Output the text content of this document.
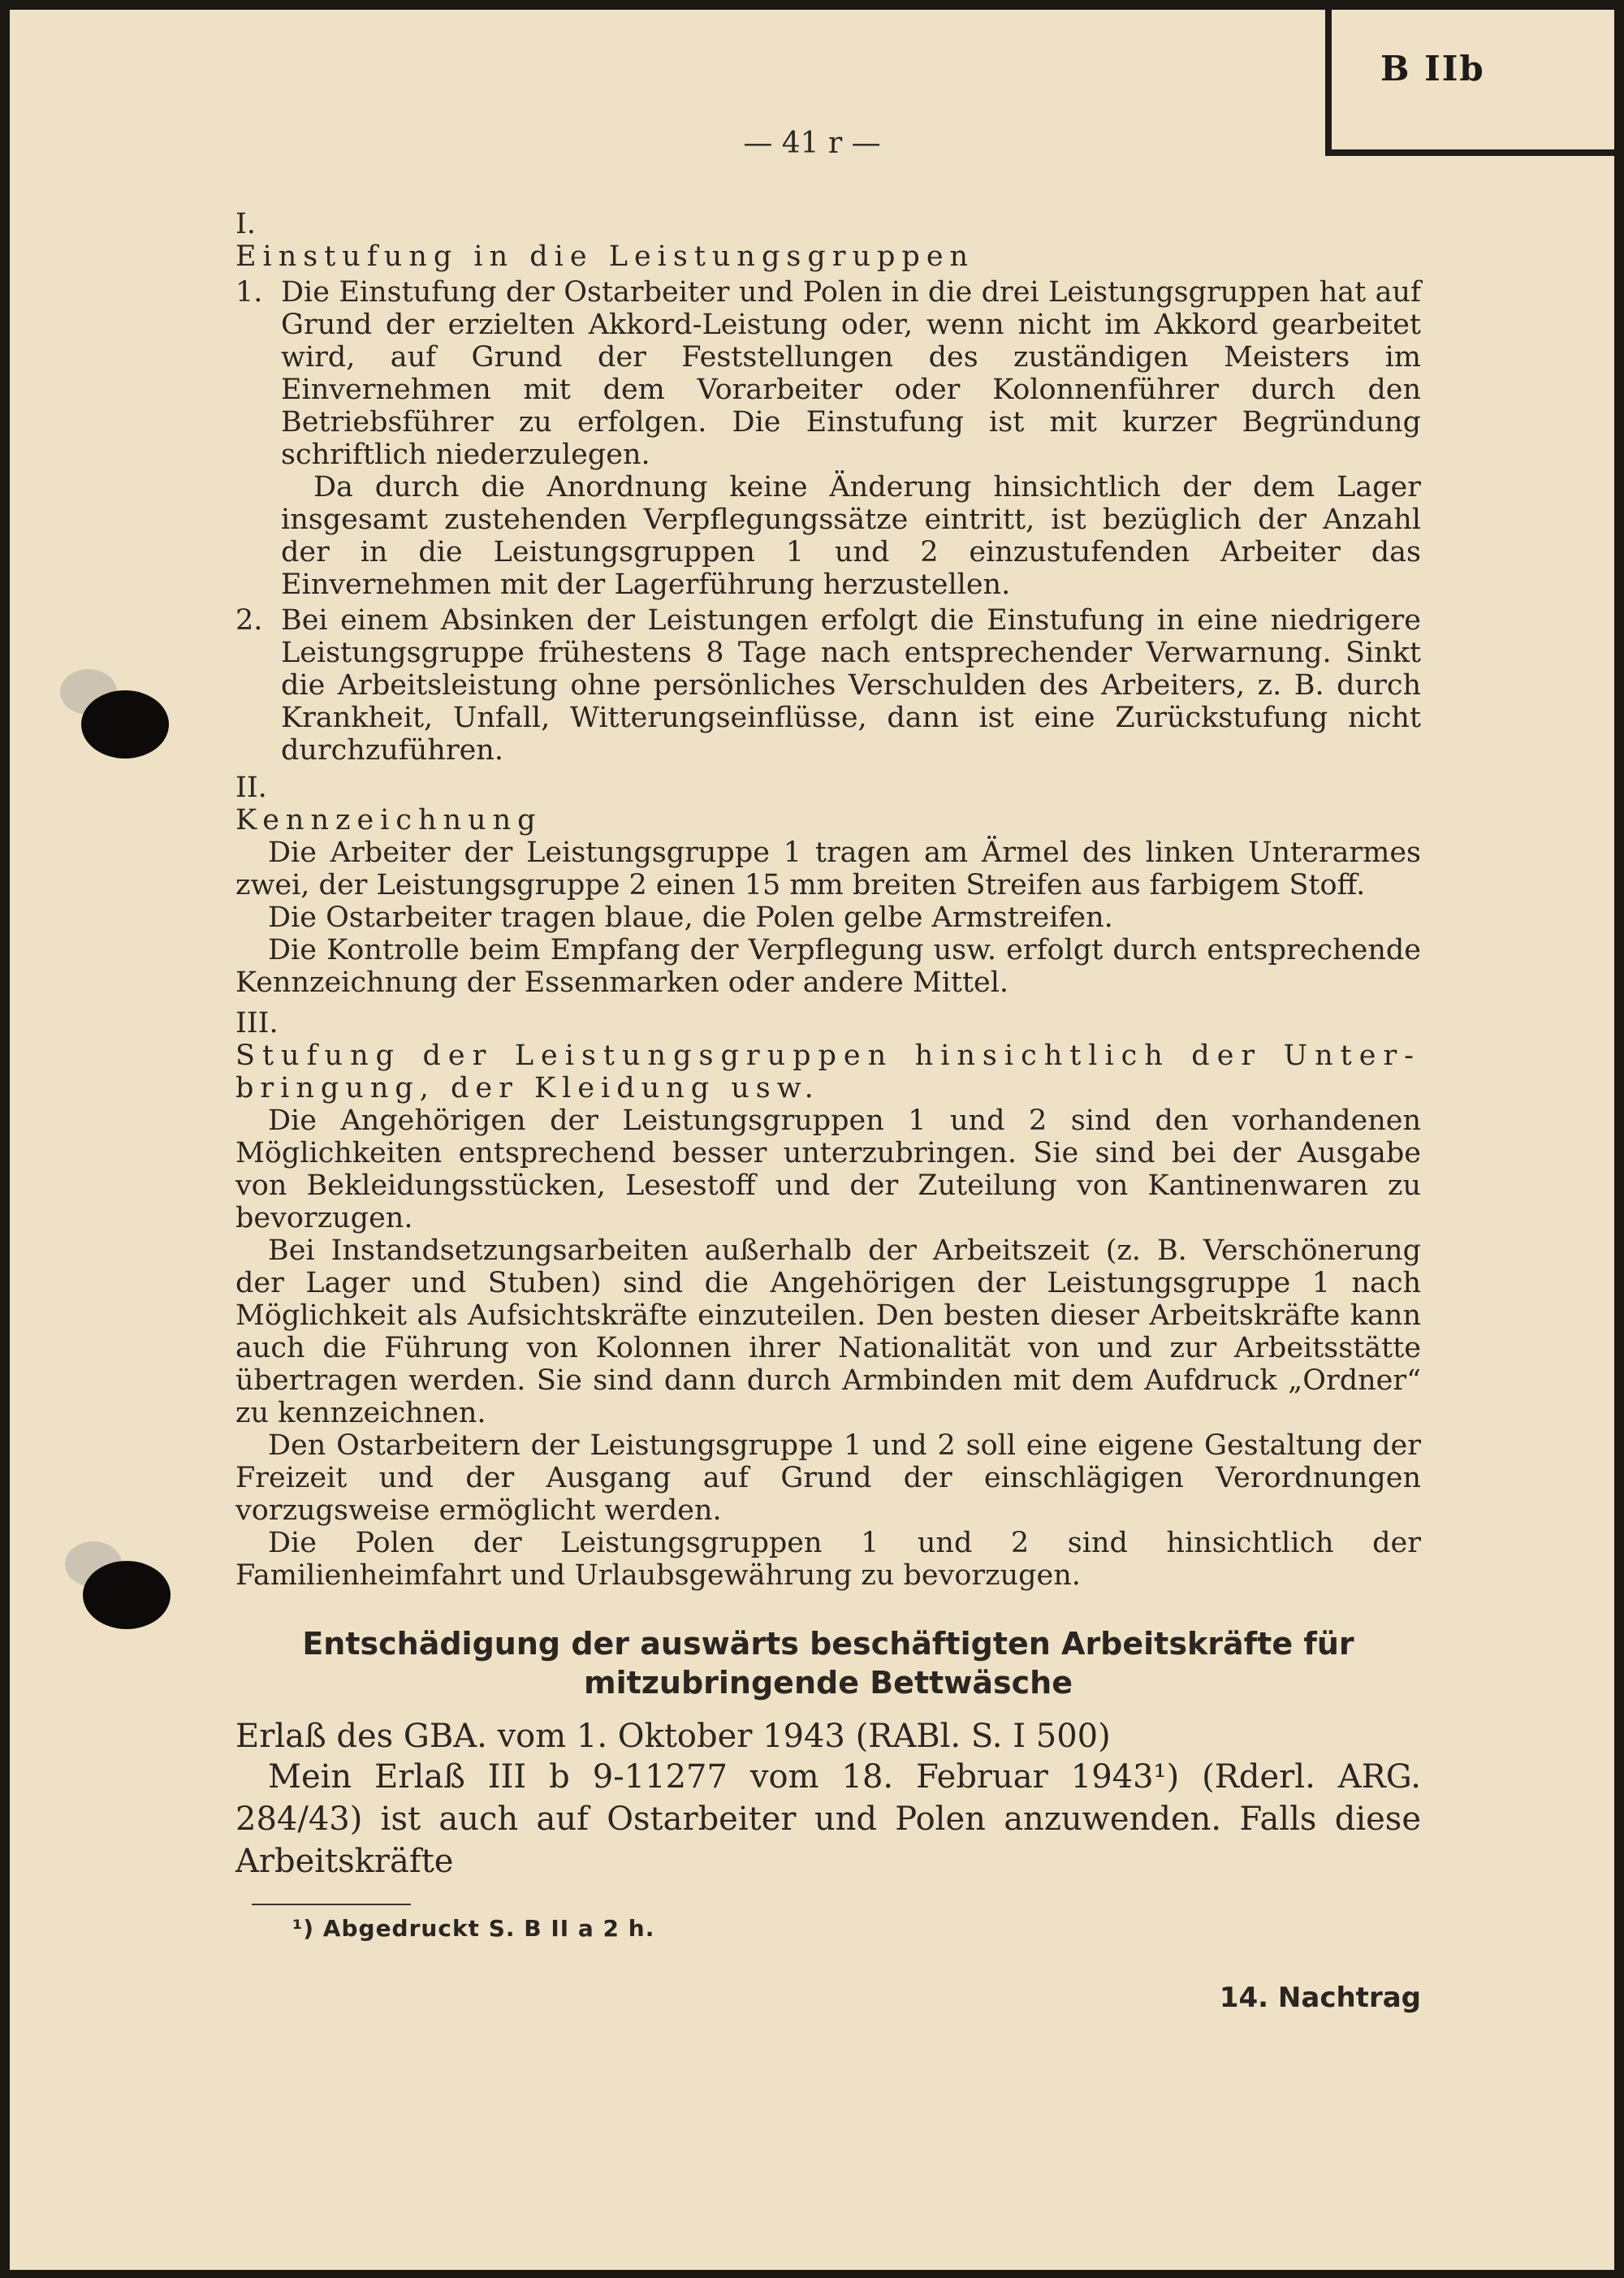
B IIb
— 41 r —

I.

Einstufung in die Leistungsgruppen

1. Die Einstufung der Ostarbeiter und Polen in die drei Leistungsgruppen hat auf Grund der erzielten Akkord-Leistung oder, wenn nicht im Akkord gearbeitet wird, auf Grund der Feststellungen des zuständigen Meisters im Einvernehmen mit dem Vorarbeiter oder Kolonnenführer durch den Betriebsführer zu erfolgen. Die Einstufung ist mit kurzer Begründung schriftlich niederzulegen.

Da durch die Anordnung keine Änderung hinsichtlich der dem Lager insgesamt zustehenden Verpflegungssätze eintritt, ist bezüglich der Anzahl der in die Leistungsgruppen 1 und 2 einzustufenden Arbeiter das Einvernehmen mit der Lagerführung herzustellen.

2. Bei einem Absinken der Leistungen erfolgt die Einstufung in eine niedrigere Leistungsgruppe frühestens 8 Tage nach entsprechender Verwarnung. Sinkt die Arbeitsleistung ohne persönliches Verschulden des Arbeiters, z. B. durch Krankheit, Unfall, Witterungseinflüsse, dann ist eine Zurückstufung nicht durchzuführen.

II.

Kennzeichnung

Die Arbeiter der Leistungsgruppe 1 tragen am Ärmel des linken Unterarmes zwei, der Leistungsgruppe 2 einen 15 mm breiten Streifen aus farbigem Stoff.

Die Ostarbeiter tragen blaue, die Polen gelbe Armstreifen.

Die Kontrolle beim Empfang der Verpflegung usw. erfolgt durch entsprechende Kennzeichnung der Essenmarken oder andere Mittel.

III.

Stufung der Leistungsgruppen hinsichtlich der Unter-

bringung, der Kleidung usw.

Die Angehörigen der Leistungsgruppen 1 und 2 sind den vorhandenen Möglichkeiten entsprechend besser unterzubringen. Sie sind bei der Ausgabe von Bekleidungsstücken, Lesestoff und der Zuteilung von Kantinenwaren zu bevorzugen.

Bei Instandsetzungsarbeiten außerhalb der Arbeitszeit (z. B. Verschönerung der Lager und Stuben) sind die Angehörigen der Leistungsgruppe 1 nach Möglichkeit als Aufsichtskräfte einzuteilen. Den besten dieser Arbeitskräfte kann auch die Führung von Kolonnen ihrer Nationalität von und zur Arbeitsstätte übertragen werden. Sie sind dann durch Armbinden mit dem Aufdruck „Ordner“ zu kennzeichnen.

Den Ostarbeitern der Leistungsgruppe 1 und 2 soll eine eigene Gestaltung der Freizeit und der Ausgang auf Grund der einschlägigen Verordnungen vorzugsweise ermöglicht werden.

Die Polen der Leistungsgruppen 1 und 2 sind hinsichtlich der Familienheimfahrt und Urlaubsgewährung zu bevorzugen.

Entschädigung der auswärts beschäftigten Arbeitskräfte für
mitzubringende Bettwäsche

Erlaß des GBA. vom 1. Oktober 1943 (RABl. S. I 500)

Mein Erlaß III b 9-11277 vom 18. Februar 1943¹) (Rderl. ARG. 284/43) ist auch auf Ostarbeiter und Polen anzuwenden. Falls diese Arbeitskräfte

¹) Abgedruckt S. B II a 2 h.
14. Nachtrag
